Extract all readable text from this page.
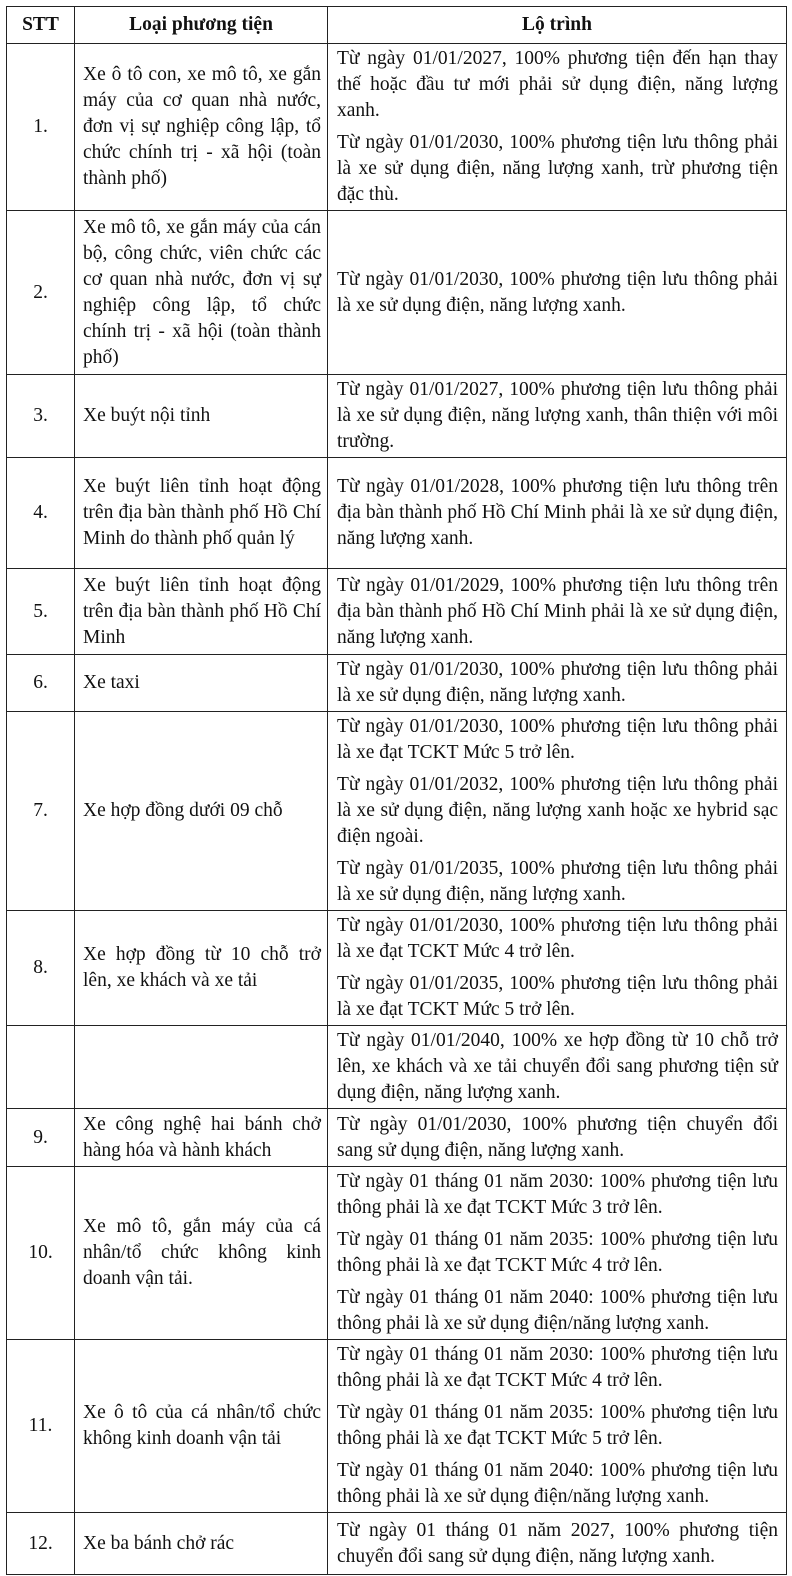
STT	Loại phương tiện	Lộ trình
1.	Xe ô tô con, xe mô tô, xe gắn máy của cơ quan nhà nước, đơn vị sự nghiệp công lập, tổ chức chính trị - xã hội (toàn thành phố)	Từ ngày 01/01/2027, 100% phương tiện đến hạn thay thế hoặc đầu tư mới phải sử dụng điện, năng lượng xanh.

Từ ngày 01/01/2030, 100% phương tiện lưu thông phải là xe sử dụng điện, năng lượng xanh, trừ phương tiện đặc thù.

2.	Xe mô tô, xe gắn máy của cán bộ, công chức, viên chức các cơ quan nhà nước, đơn vị sự nghiệp công lập, tổ chức chính trị - xã hội (toàn thành phố)	Từ ngày 01/01/2030, 100% phương tiện lưu thông phải là xe sử dụng điện, năng lượng xanh.

3.	Xe buýt nội tỉnh	Từ ngày 01/01/2027, 100% phương tiện lưu thông phải là xe sử dụng điện, năng lượng xanh, thân thiện với môi trường.

4.	Xe buýt liên tỉnh hoạt động trên địa bàn thành phố Hồ Chí Minh do thành phố quản lý	Từ ngày 01/01/2028, 100% phương tiện lưu thông trên địa bàn thành phố Hồ Chí Minh phải là xe sử dụng điện, năng lượng xanh.

5.	Xe buýt liên tỉnh hoạt động trên địa bàn thành phố Hồ Chí Minh	Từ ngày 01/01/2029, 100% phương tiện lưu thông trên địa bàn thành phố Hồ Chí Minh phải là xe sử dụng điện, năng lượng xanh.

6.	Xe taxi	Từ ngày 01/01/2030, 100% phương tiện lưu thông phải là xe sử dụng điện, năng lượng xanh.

7.	Xe hợp đồng dưới 09 chỗ	Từ ngày 01/01/2030, 100% phương tiện lưu thông phải là xe đạt TCKT Mức 5 trở lên.

Từ ngày 01/01/2032, 100% phương tiện lưu thông phải là xe sử dụng điện, năng lượng xanh hoặc xe hybrid sạc điện ngoài.

Từ ngày 01/01/2035, 100% phương tiện lưu thông phải là xe sử dụng điện, năng lượng xanh.

8.	Xe hợp đồng từ 10 chỗ trở lên, xe khách và xe tải	Từ ngày 01/01/2030, 100% phương tiện lưu thông phải là xe đạt TCKT Mức 4 trở lên.

Từ ngày 01/01/2035, 100% phương tiện lưu thông phải là xe đạt TCKT Mức 5 trở lên.

		Từ ngày 01/01/2040, 100% xe hợp đồng từ 10 chỗ trở lên, xe khách và xe tải chuyển đổi sang phương tiện sử dụng điện, năng lượng xanh.

9.	Xe công nghệ hai bánh chở hàng hóa và hành khách	Từ ngày 01/01/2030, 100% phương tiện chuyển đổi sang sử dụng điện, năng lượng xanh.

10.	Xe mô tô, gắn máy của cá nhân/tổ chức không kinh doanh vận tải.	Từ ngày 01 tháng 01 năm 2030: 100% phương tiện lưu thông phải là xe đạt TCKT Mức 3 trở lên.

Từ ngày 01 tháng 01 năm 2035: 100% phương tiện lưu thông phải là xe đạt TCKT Mức 4 trở lên.

Từ ngày 01 tháng 01 năm 2040: 100% phương tiện lưu thông phải là xe sử dụng điện/năng lượng xanh.

11.	Xe ô tô của cá nhân/tổ chức không kinh doanh vận tải	Từ ngày 01 tháng 01 năm 2030: 100% phương tiện lưu thông phải là xe đạt TCKT Mức 4 trở lên.

Từ ngày 01 tháng 01 năm 2035: 100% phương tiện lưu thông phải là xe đạt TCKT Mức 5 trở lên.

Từ ngày 01 tháng 01 năm 2040: 100% phương tiện lưu thông phải là xe sử dụng điện/năng lượng xanh.

12.	Xe ba bánh chở rác	Từ ngày 01 tháng 01 năm 2027, 100% phương tiện chuyển đổi sang sử dụng điện, năng lượng xanh.
